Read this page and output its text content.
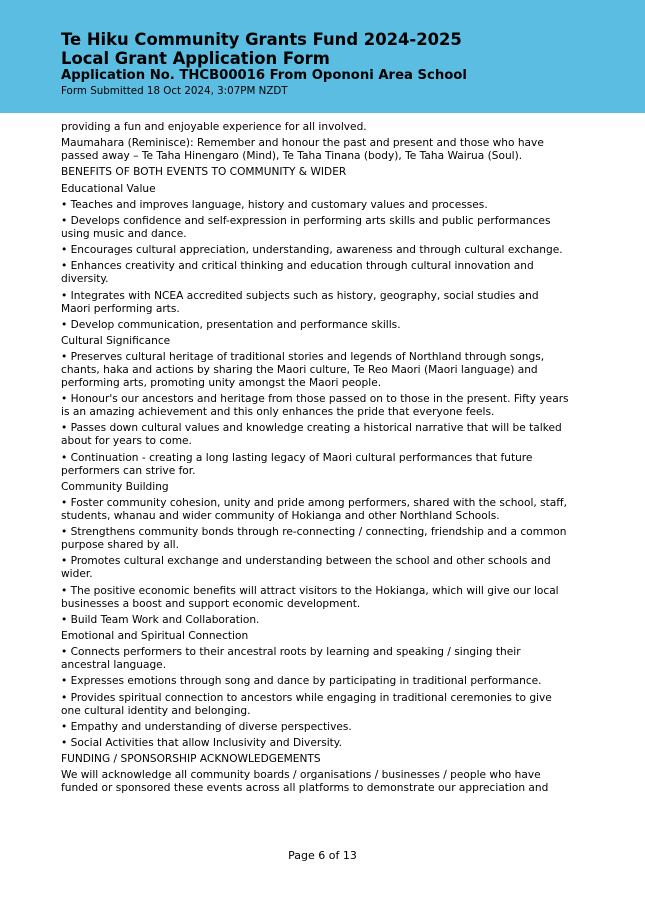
Te Hiku Community Grants Fund 2024-2025
Local Grant Application Form
Application No. THCB00016 From Opononi Area School
Form Submitted 18 Oct 2024, 3:07PM NZDT

providing a fun and enjoyable experience for all involved.

Maumahara (Reminisce): Remember and honour the past and present and those who have passed away – Te Taha Hinengaro (Mind), Te Taha Tinana (body), Te Taha Wairua (Soul).

BENEFITS OF BOTH EVENTS TO COMMUNITY & WIDER

Educational Value

• Teaches and improves language, history and customary values and processes.

• Develops confidence and self-expression in performing arts skills and public performances using music and dance.

• Encourages cultural appreciation, understanding, awareness and through cultural exchange.

• Enhances creativity and critical thinking and education through cultural innovation and diversity.

• Integrates with NCEA accredited subjects such as history, geography, social studies and Maori performing arts.

• Develop communication, presentation and performance skills.

Cultural Significance

• Preserves cultural heritage of traditional stories and legends of Northland through songs, chants, haka and actions by sharing the Maori culture, Te Reo Maori (Maori language) and performing arts, promoting unity amongst the Maori people.

• Honour's our ancestors and heritage from those passed on to those in the present. Fifty years is an amazing achievement and this only enhances the pride that everyone feels.

• Passes down cultural values and knowledge creating a historical narrative that will be talked about for years to come.

• Continuation - creating a long lasting legacy of Maori cultural performances that future performers can strive for.

Community Building

• Foster community cohesion, unity and pride among performers, shared with the school, staff, students, whanau and wider community of Hokianga and other Northland Schools.

• Strengthens community bonds through re-connecting / connecting, friendship and a common purpose shared by all.

• Promotes cultural exchange and understanding between the school and other schools and wider.

• The positive economic benefits will attract visitors to the Hokianga, which will give our local businesses a boost and support economic development.

• Build Team Work and Collaboration.

Emotional and Spiritual Connection

• Connects performers to their ancestral roots by learning and speaking / singing their ancestral language.

• Expresses emotions through song and dance by participating in traditional performance.

• Provides spiritual connection to ancestors while engaging in traditional ceremonies to give one cultural identity and belonging.

• Empathy and understanding of diverse perspectives.

• Social Activities that allow Inclusivity and Diversity.

FUNDING / SPONSORSHIP ACKNOWLEDGEMENTS

We will acknowledge all community boards / organisations / businesses / people who have funded or sponsored these events across all platforms to demonstrate our appreciation and

Page 6 of 13
